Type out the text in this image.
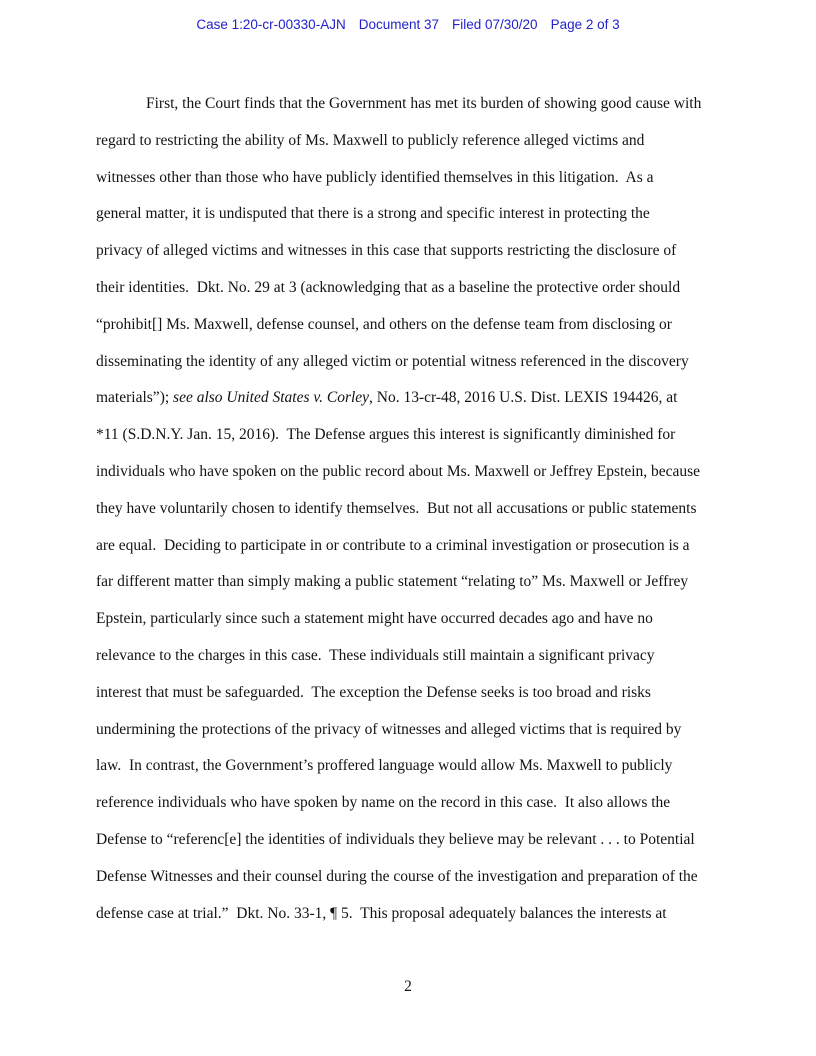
Case 1:20-cr-00330-AJN Document 37 Filed 07/30/20 Page 2 of 3
First, the Court finds that the Government has met its burden of showing good cause with
regard to restricting the ability of Ms. Maxwell to publicly reference alleged victims and
witnesses other than those who have publicly identified themselves in this litigation.  As a
general matter, it is undisputed that there is a strong and specific interest in protecting the
privacy of alleged victims and witnesses in this case that supports restricting the disclosure of
their identities.  Dkt. No. 29 at 3 (acknowledging that as a baseline the protective order should
“prohibit[] Ms. Maxwell, defense counsel, and others on the defense team from disclosing or
disseminating the identity of any alleged victim or potential witness referenced in the discovery
materials”); see also United States v. Corley, No. 13-cr-48, 2016 U.S. Dist. LEXIS 194426, at
*11 (S.D.N.Y. Jan. 15, 2016).  The Defense argues this interest is significantly diminished for
individuals who have spoken on the public record about Ms. Maxwell or Jeffrey Epstein, because
they have voluntarily chosen to identify themselves.  But not all accusations or public statements
are equal.  Deciding to participate in or contribute to a criminal investigation or prosecution is a
far different matter than simply making a public statement “relating to” Ms. Maxwell or Jeffrey
Epstein, particularly since such a statement might have occurred decades ago and have no
relevance to the charges in this case.  These individuals still maintain a significant privacy
interest that must be safeguarded.  The exception the Defense seeks is too broad and risks
undermining the protections of the privacy of witnesses and alleged victims that is required by
law.  In contrast, the Government’s proffered language would allow Ms. Maxwell to publicly
reference individuals who have spoken by name on the record in this case.  It also allows the
Defense to “referenc[e] the identities of individuals they believe may be relevant . . . to Potential
Defense Witnesses and their counsel during the course of the investigation and preparation of the
defense case at trial.”  Dkt. No. 33-1, ¶ 5.  This proposal adequately balances the interests at
2
